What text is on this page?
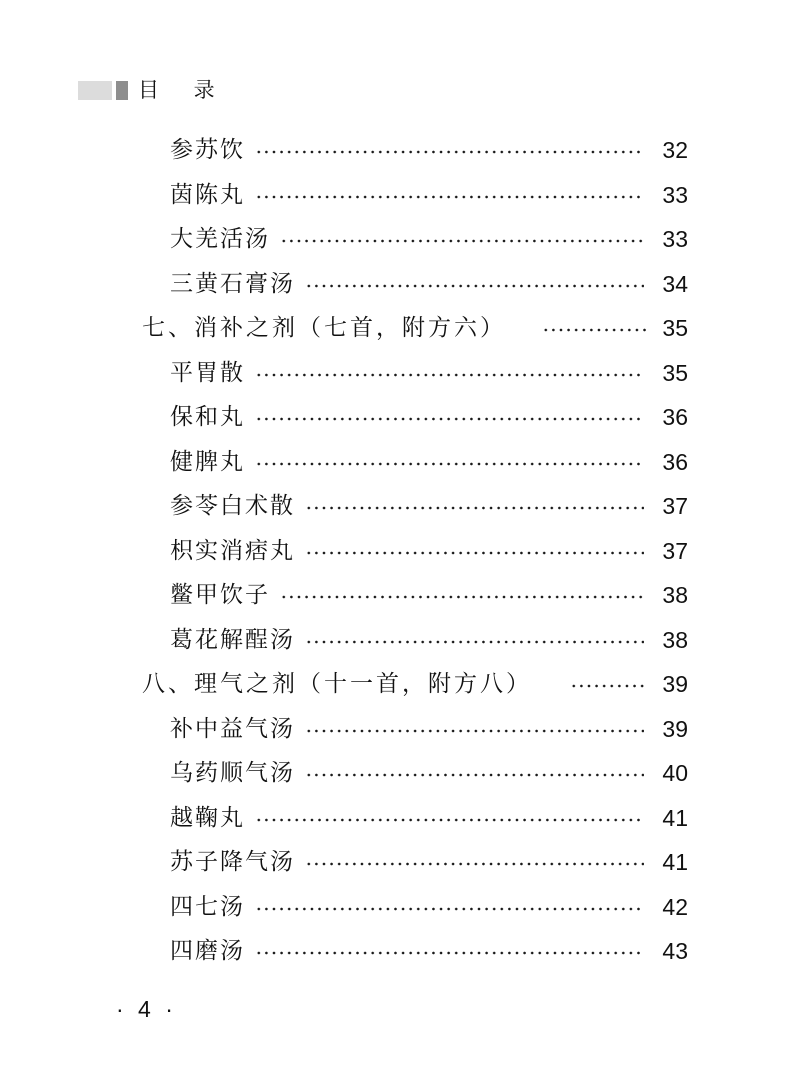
目 录
参苏饮	32
茵陈丸	33
大羌活汤	33
三黄石膏汤	34
七、消补之剂（七首，附方六）	35
平胃散	35
保和丸	36
健脾丸	36
参苓白术散	37
枳实消痞丸	37
鳖甲饮子	38
葛花解酲汤	38
八、理气之剂（十一首，附方八）	39
补中益气汤	39
乌药顺气汤	40
越鞠丸	41
苏子降气汤	41
四七汤	42
四磨汤	43
· 4 ·
